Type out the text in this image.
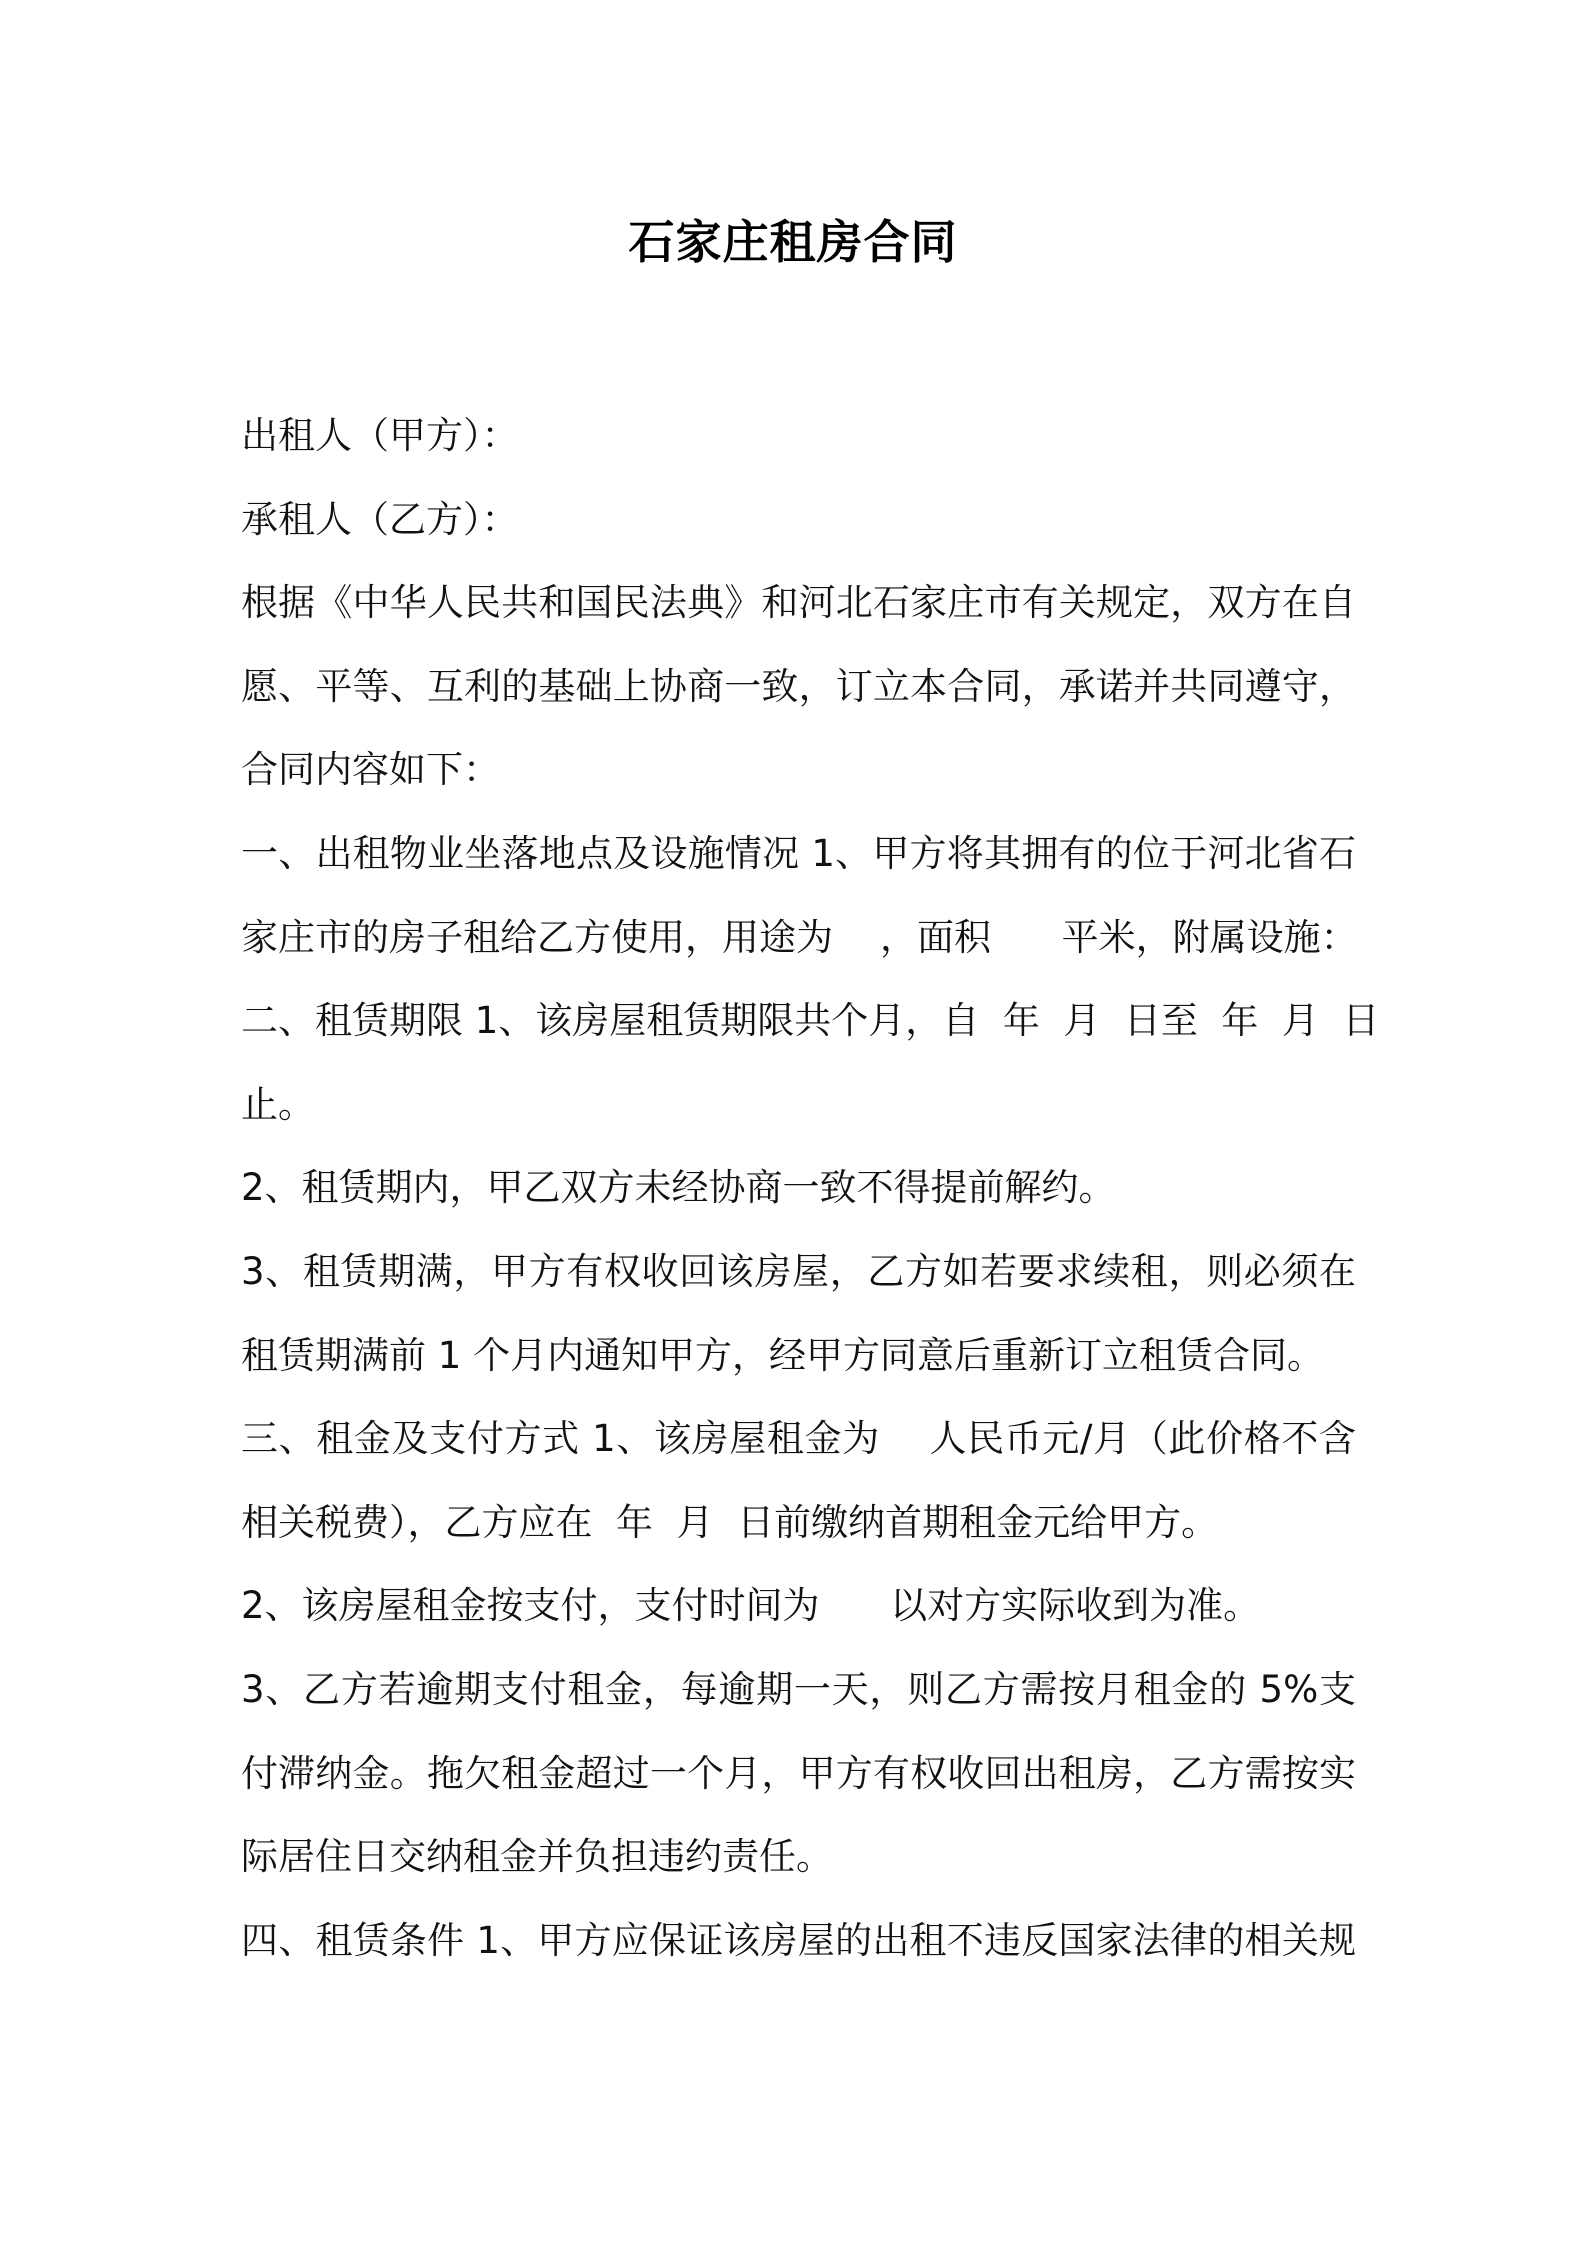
石家庄租房合同

出租人（甲方）：

承租人（乙方）：

根据《中华人民共和国民法典》和河北石家庄市有关规定，双方在自

愿、平等、互利的基础上协商一致，订立本合同，承诺并共同遵守，

合同内容如下：

一、出租物业坐落地点及设施情况 1、甲方将其拥有的位于河北省石

家庄市的房子租给乙方使用，用途为    ，面积      平米，附属设施：

二、租赁期限 1、该房屋租赁期限共个月，自  年  月  日至  年  月  日

止。

2、租赁期内，甲乙双方未经协商一致不得提前解约。

3、租赁期满，甲方有权收回该房屋，乙方如若要求续租，则必须在

租赁期满前 1 个月内通知甲方，经甲方同意后重新订立租赁合同。

三、租金及支付方式 1、该房屋租金为    人民币元/月（此价格不含

相关税费），乙方应在  年  月  日前缴纳首期租金元给甲方。

2、该房屋租金按支付，支付时间为      以对方实际收到为准。

3、乙方若逾期支付租金，每逾期一天，则乙方需按月租金的 5%支

付滞纳金。拖欠租金超过一个月，甲方有权收回出租房，乙方需按实

际居住日交纳租金并负担违约责任。

四、租赁条件 1、甲方应保证该房屋的出租不违反国家法律的相关规
